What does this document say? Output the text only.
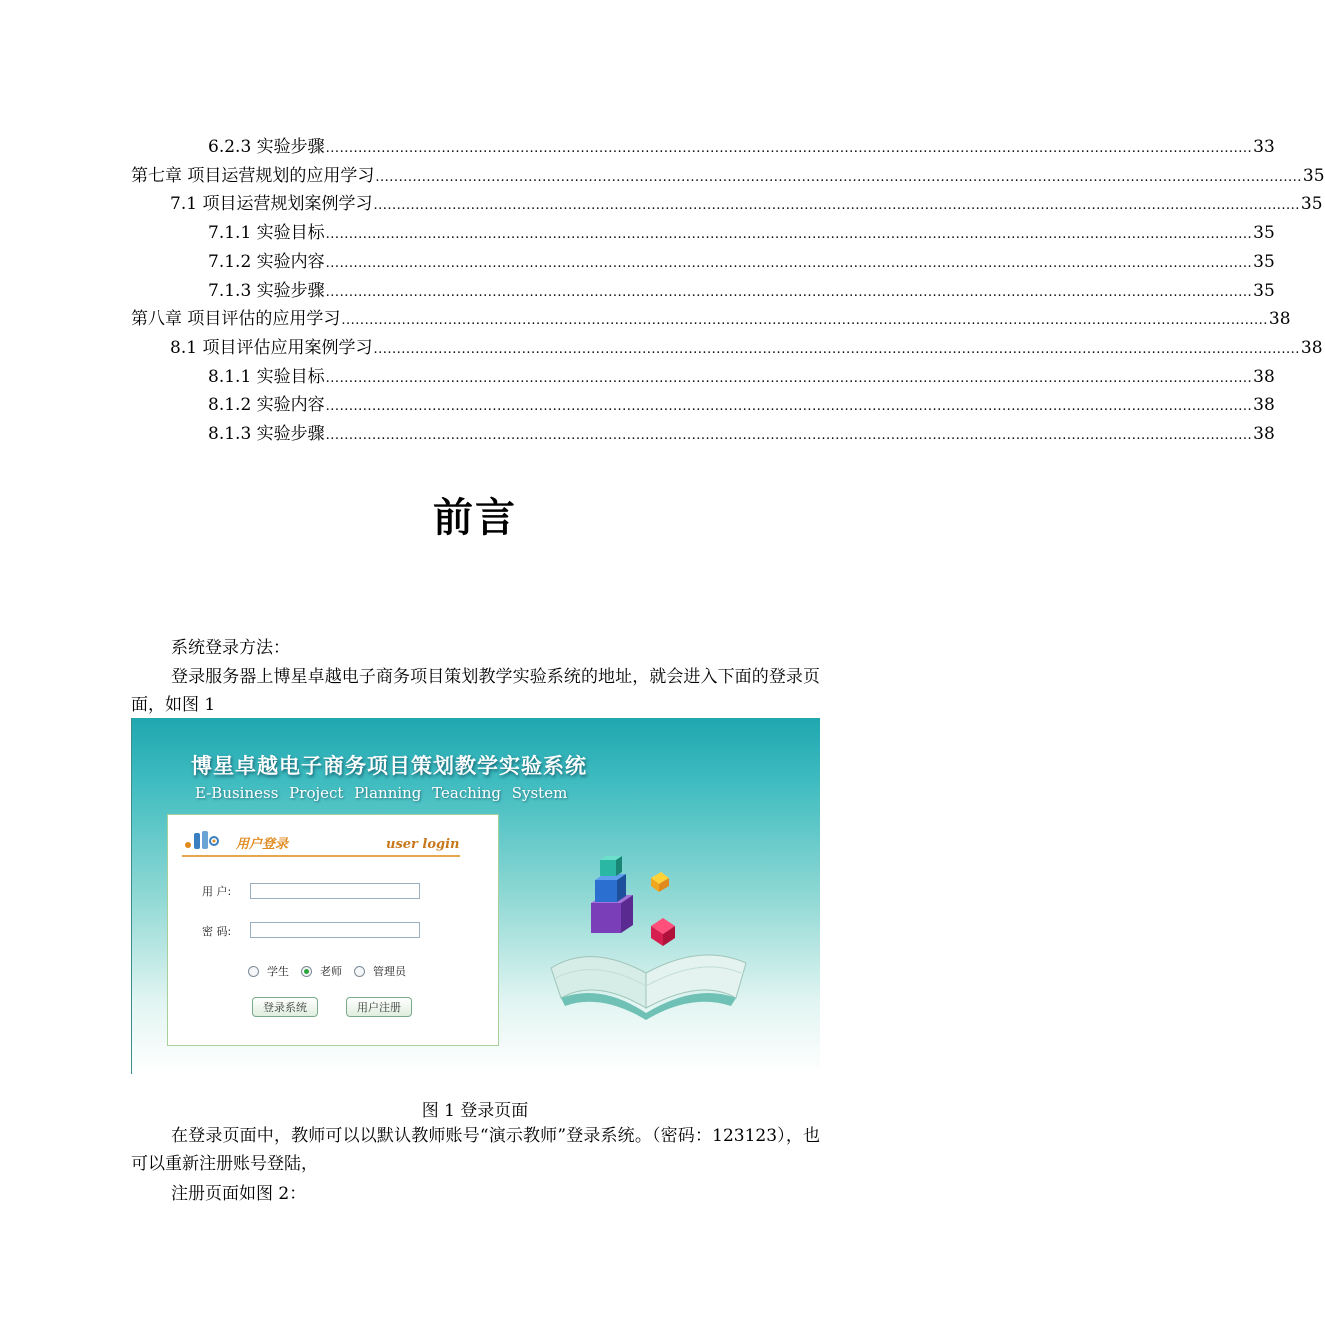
6.2.3 实验步骤 ........................................................................................................................................................................................................ 33
第七章 项目运营规划的应用学习 ........................................................................................................................................................................................................ 35
7.1 项目运营规划案例学习 ........................................................................................................................................................................................................ 35
7.1.1 实验目标 ........................................................................................................................................................................................................ 35
7.1.2 实验内容 ........................................................................................................................................................................................................ 35
7.1.3 实验步骤 ........................................................................................................................................................................................................ 35
第八章 项目评估的应用学习 ........................................................................................................................................................................................................ 38
8.1 项目评估应用案例学习 ........................................................................................................................................................................................................ 38
8.1.1 实验目标 ........................................................................................................................................................................................................ 38
8.1.2 实验内容 ........................................................................................................................................................................................................ 38
8.1.3 实验步骤 ........................................................................................................................................................................................................ 38
前言
系统登录方法：
登录服务器上博星卓越电子商务项目策划教学实验系统的地址，就会进入下面的登录页面，如图 1
博星卓越电子商务项目策划教学实验系统
E-Business Project Planning Teaching System
用户登录	user login
用 户:
密 码:
学生	老师	管理员
登录系统	用户注册
图 1 登录页面
在登录页面中，教师可以以默认教师账号“演示教师”登录系统。（密码：123123），也可以重新注册账号登陆，
注册页面如图 2：
